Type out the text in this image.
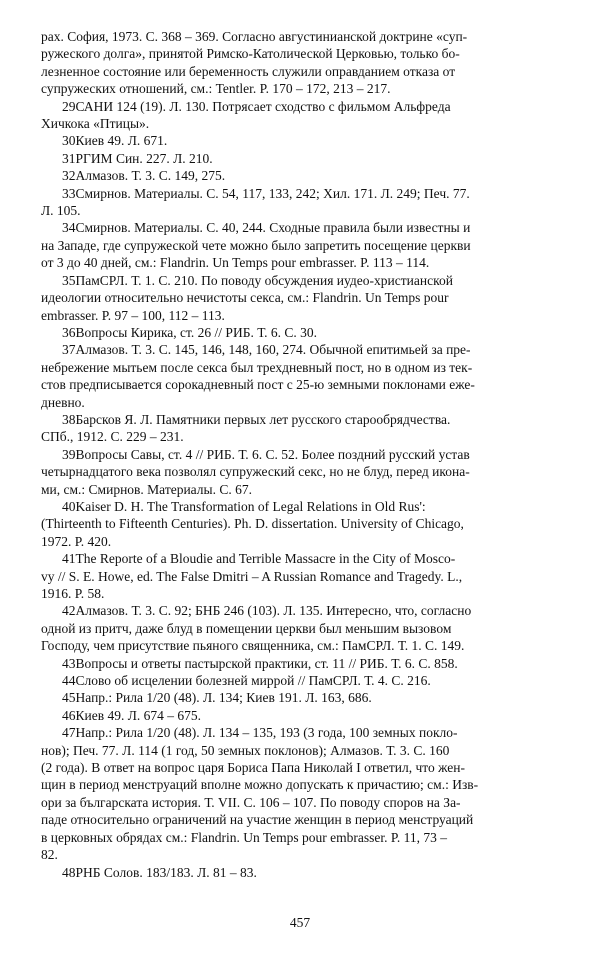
рах. София, 1973. С. 368 – 369. Согласно августинианской доктрине «суп-

ружеского долга», принятой Римско-Католической Церковью, только бо-

лезненное состояние или беременность служили оправданием отказа от

супружеских отношений, см.: Tentler. P. 170 – 172, 213 – 217.

29САНИ 124 (19). Л. 130. Потрясает сходство с фильмом Альфреда

Хичкока «Птицы».

30Киев 49. Л. 671.

31РГИМ Син. 227. Л. 210.

32Алмазов. Т. 3. С. 149, 275.

33Смирнов. Материалы. С. 54, 117, 133, 242; Хил. 171. Л. 249; Печ. 77.

Л. 105.

34Смирнов. Материалы. С. 40, 244. Сходные правила были известны и

на Западе, где супружеской чете можно было запретить посещение церкви

от 3 до 40 дней, см.: Flandrin. Un Temps pour embrasser. P. 113 – 114.

35ПамСРЛ. Т. 1. С. 210. По поводу обсуждения иудео-христианской

идеологии относительно нечистоты секса, см.: Flandrin. Un Temps pour

embrasser. P. 97 – 100, 112 – 113.

36Вопросы Кирика, ст. 26 // РИБ. Т. 6. С. 30.

37Алмазов. Т. 3. С. 145, 146, 148, 160, 274. Обычной епитимьей за пре-

небрежение мытьем после секса был трехдневный пост, но в одном из тек-

стов предписывается сорокадневный пост с 25-ю земными поклонами еже-

дневно.

38Барсков Я. Л. Памятники первых лет русского старообрядчества.

СПб., 1912. С. 229 – 231.

39Вопросы Савы, ст. 4 // РИБ. Т. 6. С. 52. Более поздний русский устав

четырнадцатого века позволял супружеский секс, но не блуд, перед икона-

ми, см.: Смирнов. Материалы. С. 67.

40Kaiser D. H. The Transformation of Legal Relations in Old Rus':

(Thirteenth to Fifteenth Centuries). Ph. D. dissertation. University of Chicago,

1972. P. 420.

41The Reporte of a Bloudie and Terrible Massacre in the City of Mosco-

vy // S. E. Howe, ed. The False Dmitri – A Russian Romance and Tragedy. L.,

1916. P. 58.

42Алмазов. Т. 3. С. 92; БНБ 246 (103). Л. 135. Интересно, что, согласно

одной из притч, даже блуд в помещении церкви был меньшим вызовом

Господу, чем присутствие пьяного священника, см.: ПамСРЛ. Т. 1. С. 149.

43Вопросы и ответы пастырской практики, ст. 11 // РИБ. Т. 6. С. 858.

44Слово об исцелении болезней миррой // ПамСРЛ. Т. 4. С. 216.

45Напр.: Рила 1/20 (48). Л. 134; Киев 191. Л. 163, 686.

46Киев 49. Л. 674 – 675.

47Напр.: Рила 1/20 (48). Л. 134 – 135, 193 (3 года, 100 земных покло-

нов); Печ. 77. Л. 114 (1 год, 50 земных поклонов); Алмазов. Т. 3. С. 160

(2 года). В ответ на вопрос царя Бориса Папа Николай I ответил, что жен-

щин в период менструаций вполне можно допускать к причастию; см.: Изв-

ори за българската история. Т. VII. С. 106 – 107. По поводу споров на За-

паде относительно ограничений на участие женщин в период менструаций

в церковных обрядах см.: Flandrin. Un Temps pour embrasser. P. 11, 73 –

82.

48РНБ Солов. 183/183. Л. 81 – 83.

457
